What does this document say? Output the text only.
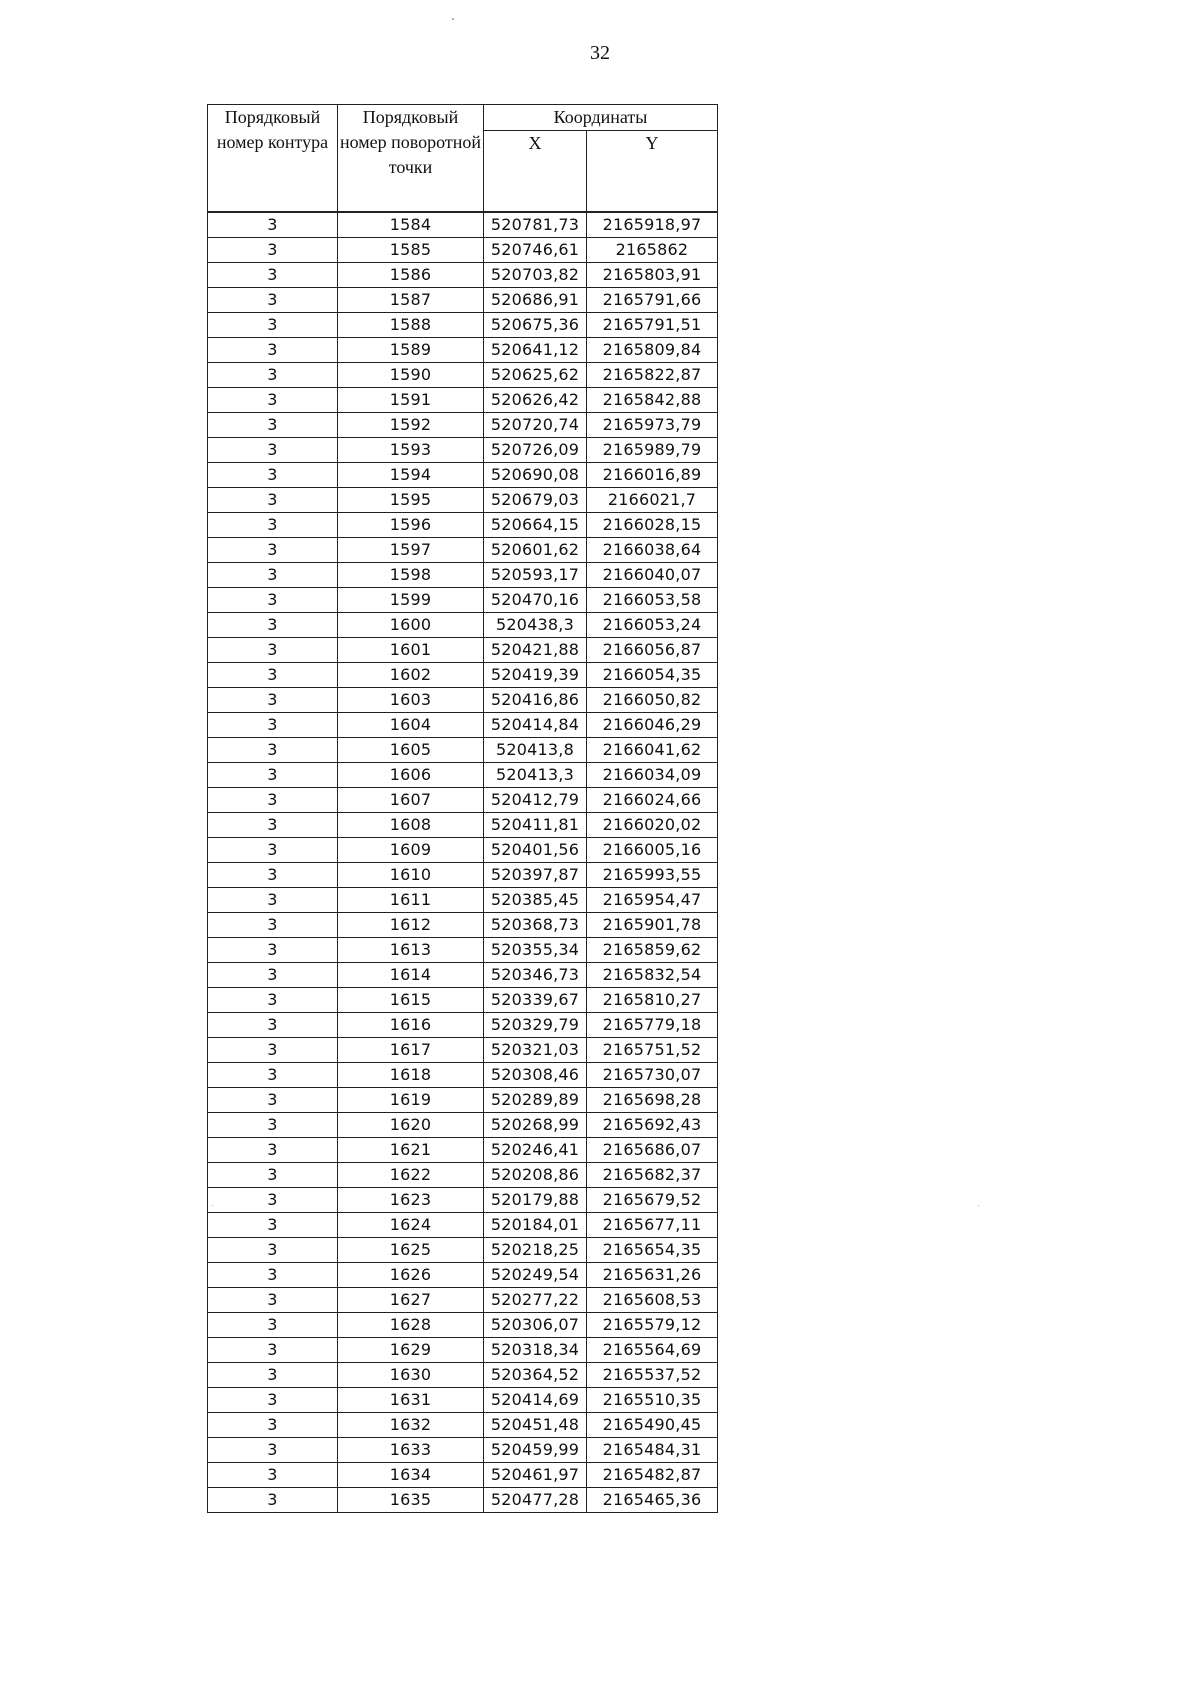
32
Порядковый номер контура	Порядковый номер поворотной точки	Координаты	
		X	Y
3	1584	520781,73	2165918,97
3	1585	520746,61	2165862
3	1586	520703,82	2165803,91
3	1587	520686,91	2165791,66
3	1588	520675,36	2165791,51
3	1589	520641,12	2165809,84
3	1590	520625,62	2165822,87
3	1591	520626,42	2165842,88
3	1592	520720,74	2165973,79
3	1593	520726,09	2165989,79
3	1594	520690,08	2166016,89
3	1595	520679,03	2166021,7
3	1596	520664,15	2166028,15
3	1597	520601,62	2166038,64
3	1598	520593,17	2166040,07
3	1599	520470,16	2166053,58
3	1600	520438,3	2166053,24
3	1601	520421,88	2166056,87
3	1602	520419,39	2166054,35
3	1603	520416,86	2166050,82
3	1604	520414,84	2166046,29
3	1605	520413,8	2166041,62
3	1606	520413,3	2166034,09
3	1607	520412,79	2166024,66
3	1608	520411,81	2166020,02
3	1609	520401,56	2166005,16
3	1610	520397,87	2165993,55
3	1611	520385,45	2165954,47
3	1612	520368,73	2165901,78
3	1613	520355,34	2165859,62
3	1614	520346,73	2165832,54
3	1615	520339,67	2165810,27
3	1616	520329,79	2165779,18
3	1617	520321,03	2165751,52
3	1618	520308,46	2165730,07
3	1619	520289,89	2165698,28
3	1620	520268,99	2165692,43
3	1621	520246,41	2165686,07
3	1622	520208,86	2165682,37
3	1623	520179,88	2165679,52
3	1624	520184,01	2165677,11
3	1625	520218,25	2165654,35
3	1626	520249,54	2165631,26
3	1627	520277,22	2165608,53
3	1628	520306,07	2165579,12
3	1629	520318,34	2165564,69
3	1630	520364,52	2165537,52
3	1631	520414,69	2165510,35
3	1632	520451,48	2165490,45
3	1633	520459,99	2165484,31
3	1634	520461,97	2165482,87
3	1635	520477,28	2165465,36
